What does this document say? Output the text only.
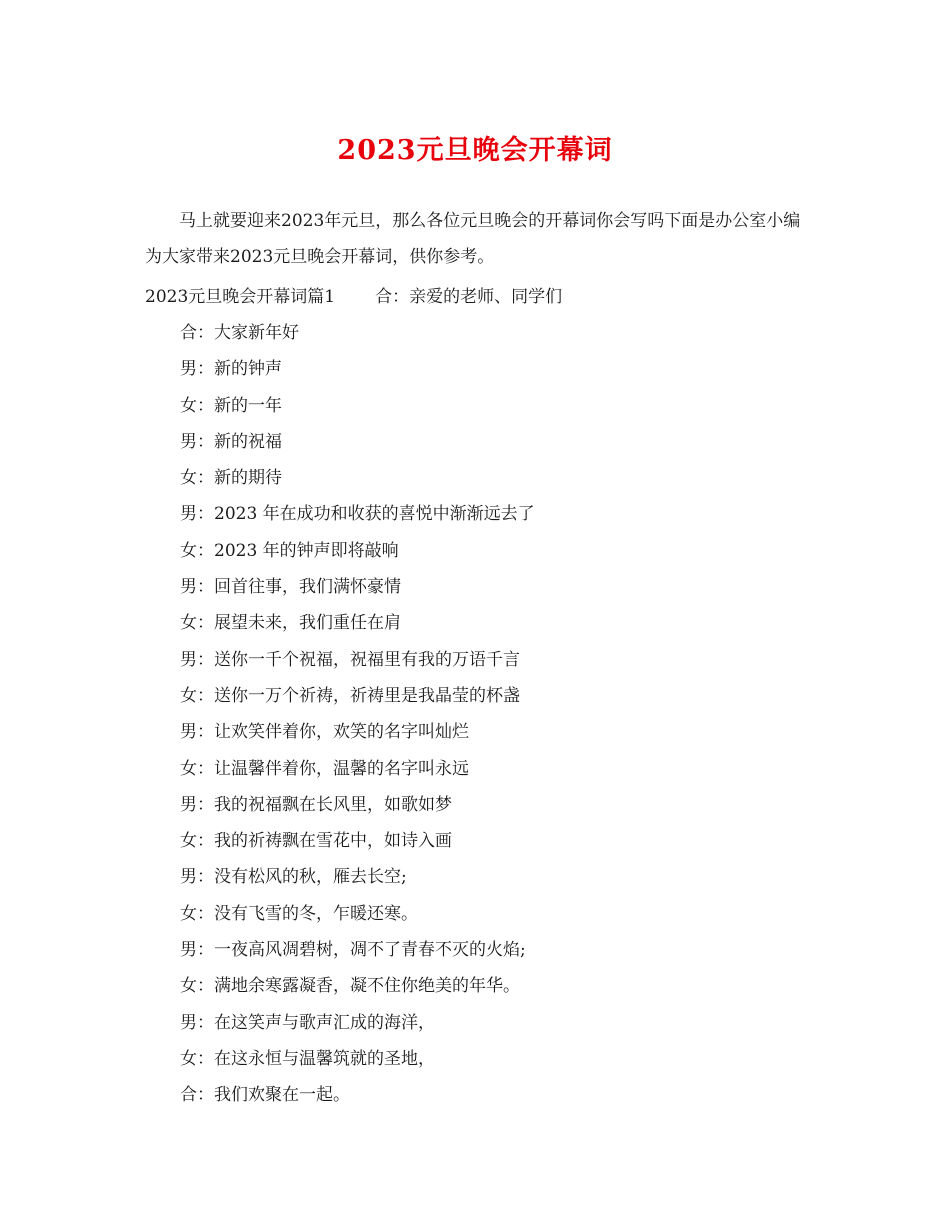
2023元旦晚会开幕词
马上就要迎来2023年元旦，那么各位元旦晚会的开幕词你会写吗下面是办公室小编为大家带来2023元旦晚会开幕词，供你参考。
2023元旦晚会开幕词篇1 合：亲爱的老师、同学们
合：大家新年好
男：新的钟声
女：新的一年
男：新的祝福
女：新的期待
男：2023 年在成功和收获的喜悦中渐渐远去了
女：2023 年的钟声即将敲响
男：回首往事，我们满怀豪情
女：展望未来，我们重任在肩
男：送你一千个祝福，祝福里有我的万语千言
女：送你一万个祈祷，祈祷里是我晶莹的杯盏
男：让欢笑伴着你，欢笑的名字叫灿烂
女：让温馨伴着你，温馨的名字叫永远
男：我的祝福飘在长风里，如歌如梦
女：我的祈祷飘在雪花中，如诗入画
男：没有松风的秋，雁去长空;
女：没有飞雪的冬，乍暖还寒。
男：一夜高风凋碧树，凋不了青春不灭的火焰;
女：满地余寒露凝香，凝不住你绝美的年华。
男：在这笑声与歌声汇成的海洋，
女：在这永恒与温馨筑就的圣地，
合：我们欢聚在一起。
